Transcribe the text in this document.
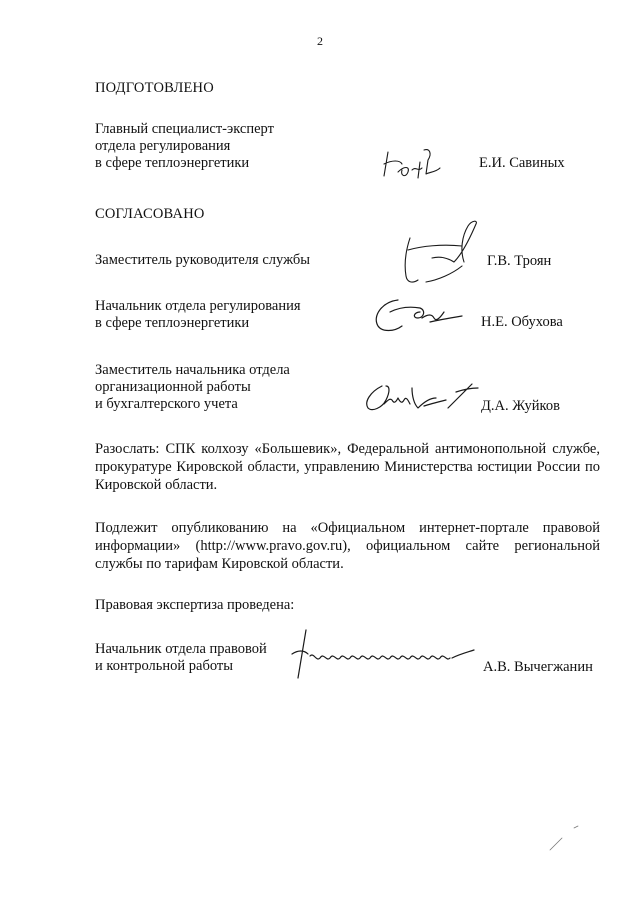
2
ПОДГОТОВЛЕНО
Главный специалист-эксперт
отдела регулирования
в сфере теплоэнергетики	Е.И. Савиных
СОГЛАСОВАНО
Заместитель руководителя службы	Г.В. Троян
Начальник отдела регулирования
в сфере теплоэнергетики	Н.Е. Обухова
Заместитель начальника отдела
организационной работы
и бухгалтерского учета	Д.А. Жуйков
Разослать: СПК колхозу «Большевик», Федеральной антимонопольной службе, прокуратуре Кировской области, управлению Министерства юстиции России по Кировской области.
Подлежит опубликованию на «Официальном интернет-портале правовой информации» (http://www.pravo.gov.ru), официальном сайте региональной службы по тарифам Кировской области.
Правовая экспертиза проведена:
Начальник отдела правовой
и контрольной работы	А.В. Вычегжанин
